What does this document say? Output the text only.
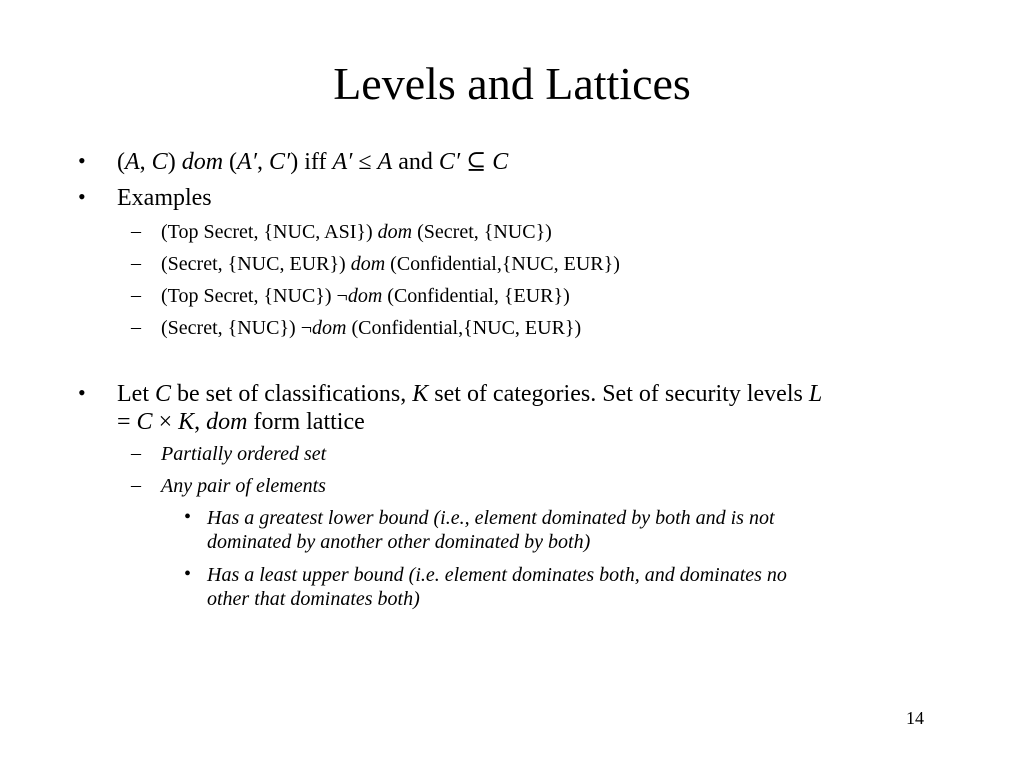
Levels and Lattices
• (A, C) dom (A′, C′) iff A′ ≤ A and C′ ⊆ C
• Examples
– (Top Secret, {NUC, ASI}) dom (Secret, {NUC})
– (Secret, {NUC, EUR}) dom (Confidential,{NUC, EUR})
– (Top Secret, {NUC}) ¬dom (Confidential, {EUR})
– (Secret, {NUC}) ¬dom (Confidential,{NUC, EUR})
• Let C be set of classifications, K set of categories. Set of security levels L
= C × K, dom form lattice
– Partially ordered set
– Any pair of elements
• Has a greatest lower bound (i.e., element dominated by both and is not
dominated by another other dominated by both)
• Has a least upper bound (i.e. element dominates both, and dominates no
other that dominates both)
14
